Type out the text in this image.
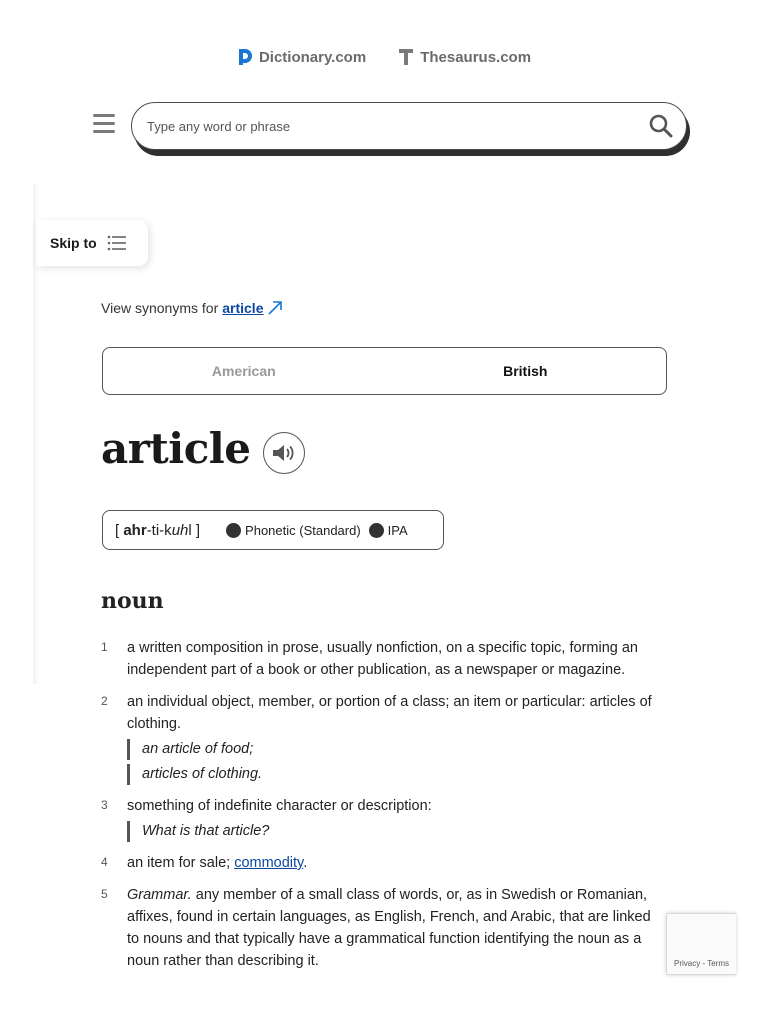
Dictionary.com	Thesaurus.com
Type any word or phrase
Skip to
View synonyms for article
American	British
article
[ ahr-ti-kuhl ]	Phonetic (Standard) IPA
noun
1	a written composition in prose, usually nonfiction, on a specific topic, forming an independent part of a book or other publication, as a newspaper or magazine.
2	an individual object, member, or portion of a class; an item or particular: articles of clothing.
an article of food;
articles of clothing.
3	something of indefinite character or description:
What is that article?
4	an item for sale; commodity.
5	Grammar. any member of a small class of words, or, as in Swedish or Romanian, affixes, found in certain languages, as English, French, and Arabic, that are linked to nouns and that typically have a grammatical function identifying the noun as a noun rather than describing it.	Privacy - Terms
